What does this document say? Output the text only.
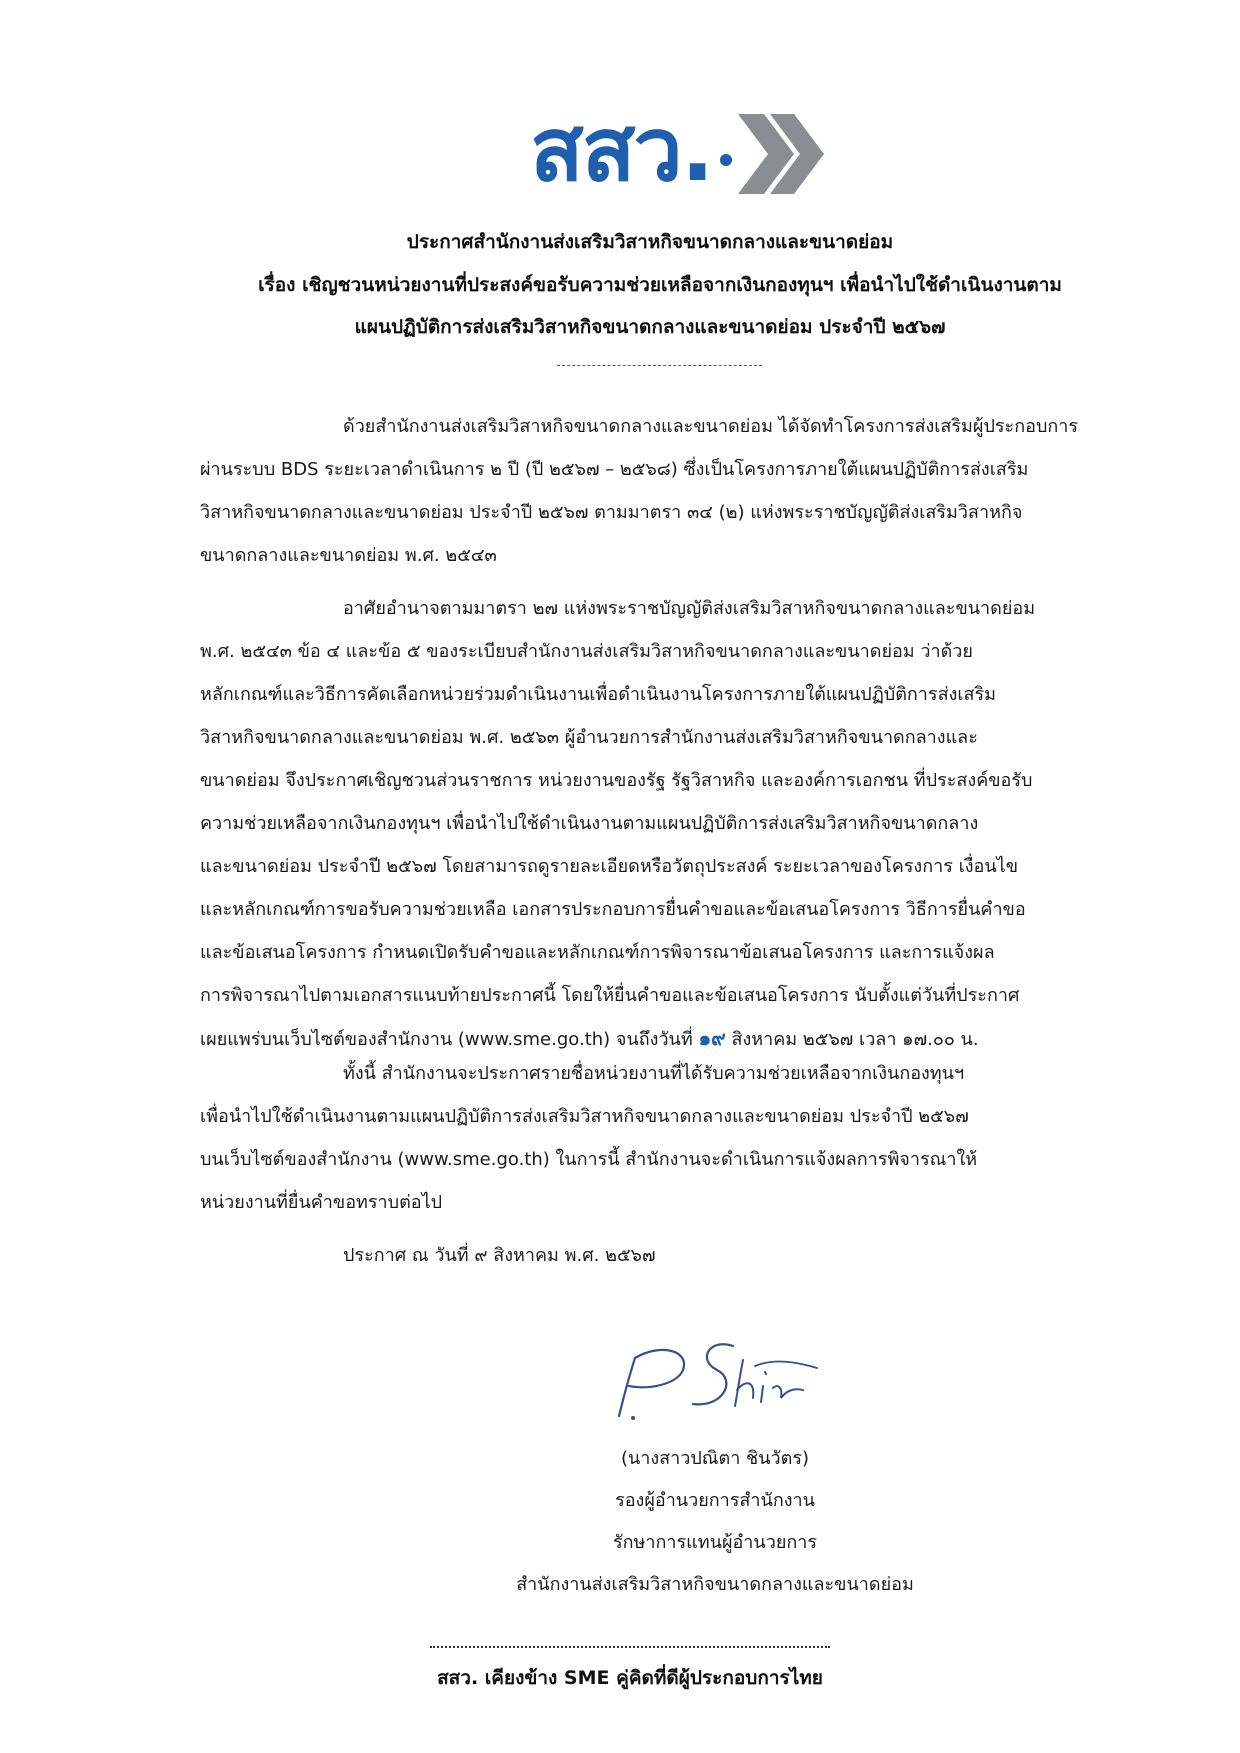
สสว.
ประกาศสำนักงานส่งเสริมวิสาหกิจขนาดกลางและขนาดย่อม
เรื่อง เชิญชวนหน่วยงานที่ประสงค์ขอรับความช่วยเหลือจากเงินกองทุนฯ เพื่อนำไปใช้ดำเนินงานตาม
แผนปฏิบัติการส่งเสริมวิสาหกิจขนาดกลางและขนาดย่อม ประจำปี ๒๕๖๗
ด้วยสำนักงานส่งเสริมวิสาหกิจขนาดกลางและขนาดย่อม ได้จัดทำโครงการส่งเสริมผู้ประกอบการ
ผ่านระบบ BDS ระยะเวลาดำเนินการ ๒ ปี (ปี ๒๕๖๗ – ๒๕๖๘) ซึ่งเป็นโครงการภายใต้แผนปฏิบัติการส่งเสริม
วิสาหกิจขนาดกลางและขนาดย่อม ประจำปี ๒๕๖๗ ตามมาตรา ๓๔ (๒) แห่งพระราชบัญญัติส่งเสริมวิสาหกิจ
ขนาดกลางและขนาดย่อม พ.ศ. ๒๕๔๓
อาศัยอำนาจตามมาตรา ๒๗ แห่งพระราชบัญญัติส่งเสริมวิสาหกิจขนาดกลางและขนาดย่อม
พ.ศ. ๒๕๔๓ ข้อ ๔ และข้อ ๕ ของระเบียบสำนักงานส่งเสริมวิสาหกิจขนาดกลางและขนาดย่อม ว่าด้วย
หลักเกณฑ์และวิธีการคัดเลือกหน่วยร่วมดำเนินงานเพื่อดำเนินงานโครงการภายใต้แผนปฏิบัติการส่งเสริม
วิสาหกิจขนาดกลางและขนาดย่อม พ.ศ. ๒๕๖๓ ผู้อำนวยการสำนักงานส่งเสริมวิสาหกิจขนาดกลางและ
ขนาดย่อม จึงประกาศเชิญชวนส่วนราชการ หน่วยงานของรัฐ รัฐวิสาหกิจ และองค์การเอกชน ที่ประสงค์ขอรับ
ความช่วยเหลือจากเงินกองทุนฯ เพื่อนำไปใช้ดำเนินงานตามแผนปฏิบัติการส่งเสริมวิสาหกิจขนาดกลาง
และขนาดย่อม ประจำปี ๒๕๖๗ โดยสามารถดูรายละเอียดหรือวัตถุประสงค์ ระยะเวลาของโครงการ เงื่อนไข
และหลักเกณฑ์การขอรับความช่วยเหลือ เอกสารประกอบการยื่นคำขอและข้อเสนอโครงการ วิธีการยื่นคำขอ
และข้อเสนอโครงการ กำหนดเปิดรับคำขอและหลักเกณฑ์การพิจารณาข้อเสนอโครงการ และการแจ้งผล
การพิจารณาไปตามเอกสารแนบท้ายประกาศนี้ โดยให้ยื่นคำขอและข้อเสนอโครงการ นับตั้งแต่วันที่ประกาศ
เผยแพร่บนเว็บไซต์ของสำนักงาน (www.sme.go.th) จนถึงวันที่ ๑๙ สิงหาคม ๒๕๖๗ เวลา ๑๗.๐๐ น.
ทั้งนี้ สำนักงานจะประกาศรายชื่อหน่วยงานที่ได้รับความช่วยเหลือจากเงินกองทุนฯ
เพื่อนำไปใช้ดำเนินงานตามแผนปฏิบัติการส่งเสริมวิสาหกิจขนาดกลางและขนาดย่อม ประจำปี ๒๕๖๗
บนเว็บไซต์ของสำนักงาน (www.sme.go.th) ในการนี้ สำนักงานจะดำเนินการแจ้งผลการพิจารณาให้
หน่วยงานที่ยื่นคำขอทราบต่อไป
ประกาศ ณ วันที่ ๙ สิงหาคม พ.ศ. ๒๕๖๗
(นางสาวปณิตา ชินวัตร)
รองผู้อำนวยการสำนักงาน
รักษาการแทนผู้อำนวยการ
สำนักงานส่งเสริมวิสาหกิจขนาดกลางและขนาดย่อม
สสว. เคียงข้าง SME คู่คิดที่ดีผู้ประกอบการไทย
